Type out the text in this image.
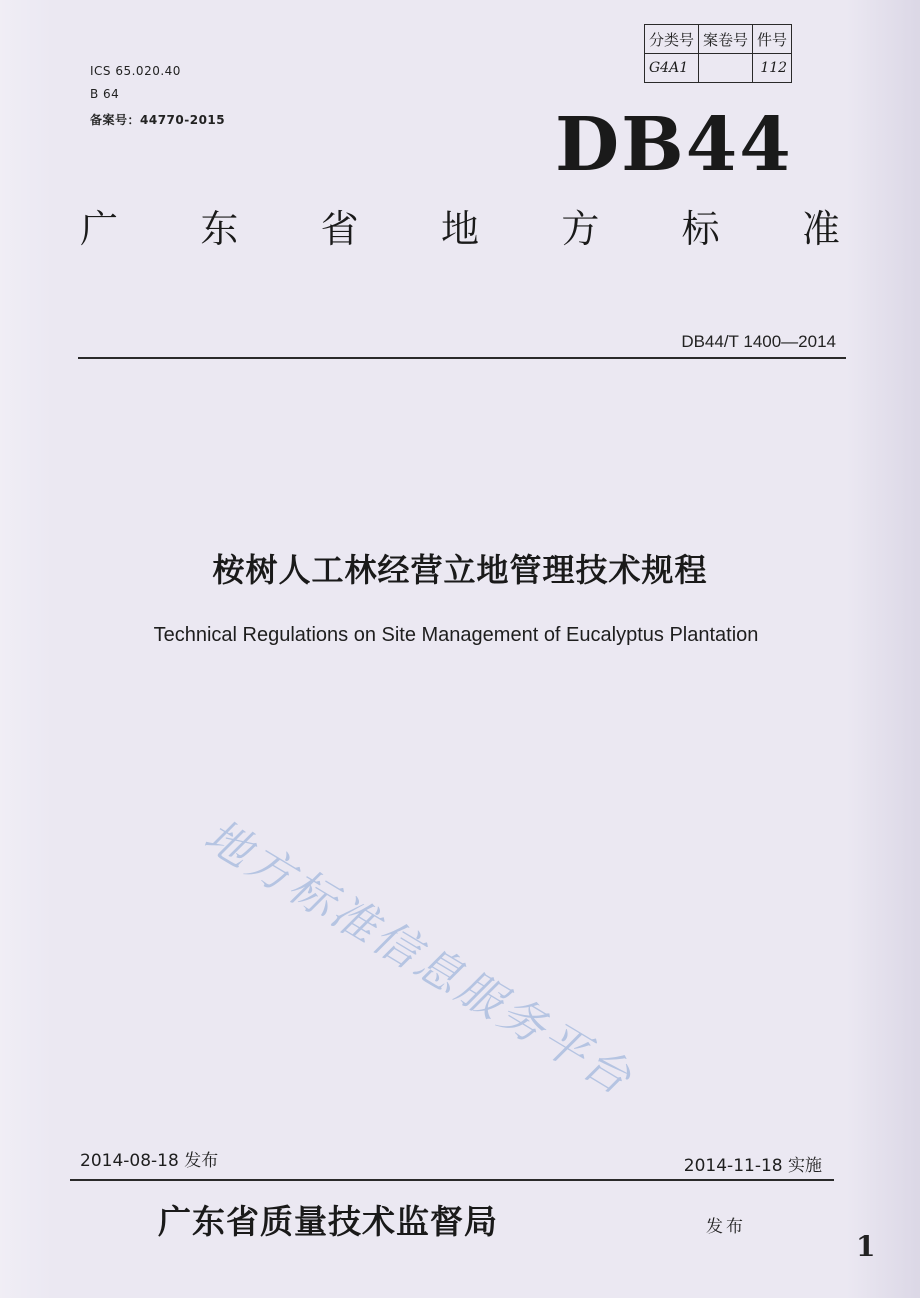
ICS 65.020.40
B 64
备案号：44770-2015
分类号	案卷号	件号
G4A1		112
DB44
广 东 省 地 方 标 准
DB44/T 1400—2014
桉树人工林经营立地管理技术规程
Technical Regulations on Site Management of Eucalyptus Plantation
地方标准信息服务平台
2014-08-18 发布	2014-11-18 实施
广东省质量技术监督局	发布
1
